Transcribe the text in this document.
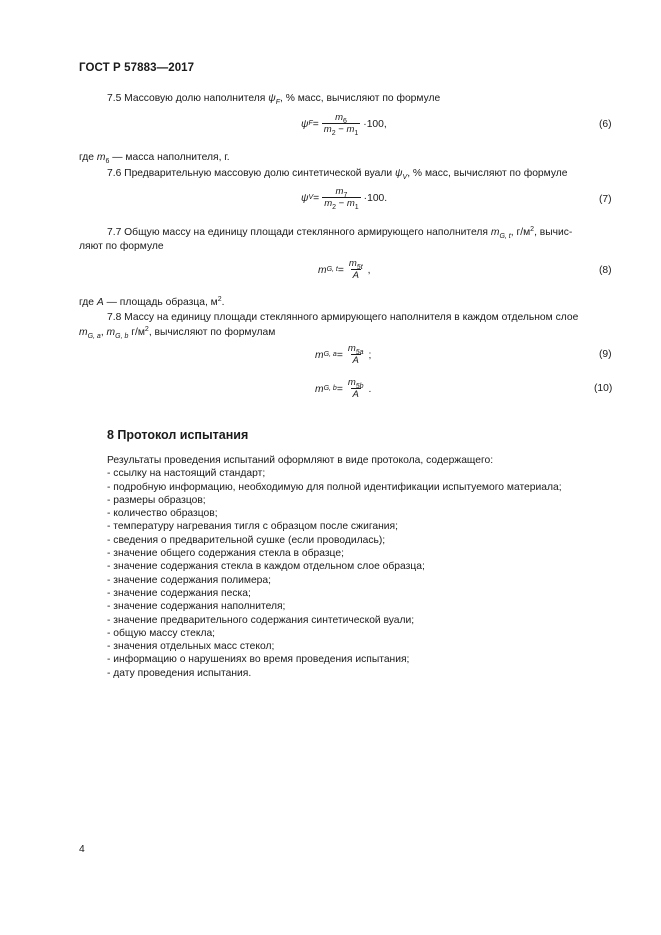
ГОСТ Р 57883—2017
7.5 Массовую долю наполнителя $\psi_F$, % масс, вычисляют по формуле
ψ $F = \frac{m_6}{m_2 - m_1} \cdot 100$,	(6)
где $m_6$ — масса наполнителя, г.
7.6 Предварительную массовую долю синтетической вуали $\psi_V$, % масс, вычисляют по формуле
ψ $V = \frac{m_7}{m_2 - m_1} \cdot 100$.	(7)
7.7 Общую массу на единицу площади стеклянного армирующего наполнителя $m_{G, t}$, $г/м^2$, вычис-
ляют по формуле
m G, $t = \frac{m_{5t}}{A}$ ,	(8)
где A — площадь образца, $м^2$.
7.8 Массу на единицу площади стеклянного армирующего наполнителя в каждом отдельном слое
$m_{G, a}$, $m_{G, b}$ $г/м^2$, вычисляют по формулам
m G, $a = \frac{m_{5a}}{A}$ ;	(9)
m G, $b = \frac{m_{5b}}{A}$ .	(10)
8 Протокол испытания
Результаты проведения испытаний оформляют в виде протокола, содержащего:
- ссылку на настоящий стандарт;
- подробную информацию, необходимую для полной идентификации испытуемого материала;
- размеры образцов;
- количество образцов;
- температуру нагревания тигля с образцом после сжигания;
- сведения о предварительной сушке (если проводилась);
- значение общего содержания стекла в образце;
- значение содержания стекла в каждом отдельном слое образца;
- значение содержания полимера;
- значение содержания песка;
- значение содержания наполнителя;
- значение предварительного содержания синтетической вуали;
- общую массу стекла;
- значения отдельных масс стекол;
- информацию о нарушениях во время проведения испытания;
- дату проведения испытания.
4
